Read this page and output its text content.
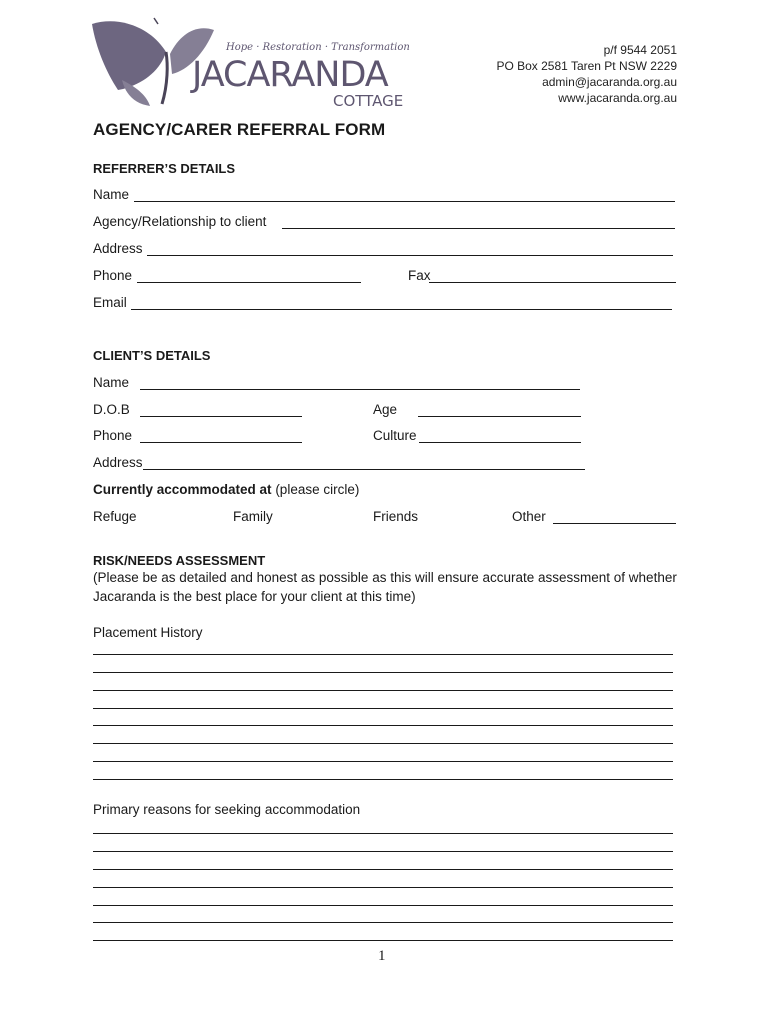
Hope · Restoration · Transformation
JACARANDA
COTTAGE
p/f 9544 2051
PO Box 2581 Taren Pt NSW 2229
admin@jacaranda.org.au
www.jacaranda.org.au
AGENCY/CARER REFERRAL FORM
REFERRER’S DETAILS
Name
Agency/Relationship to client
Address
Phone	Fax
Email
CLIENT’S DETAILS
Name
D.O.B	Age
Phone	Culture
Address
Currently accommodated at (please circle)
Refuge	Family	Friends	Other
RISK/NEEDS ASSESSMENT
(Please be as detailed and honest as possible as this will ensure accurate assessment of whether Jacaranda is the best place for your client at this time)
Placement History
Primary reasons for seeking accommodation
1
